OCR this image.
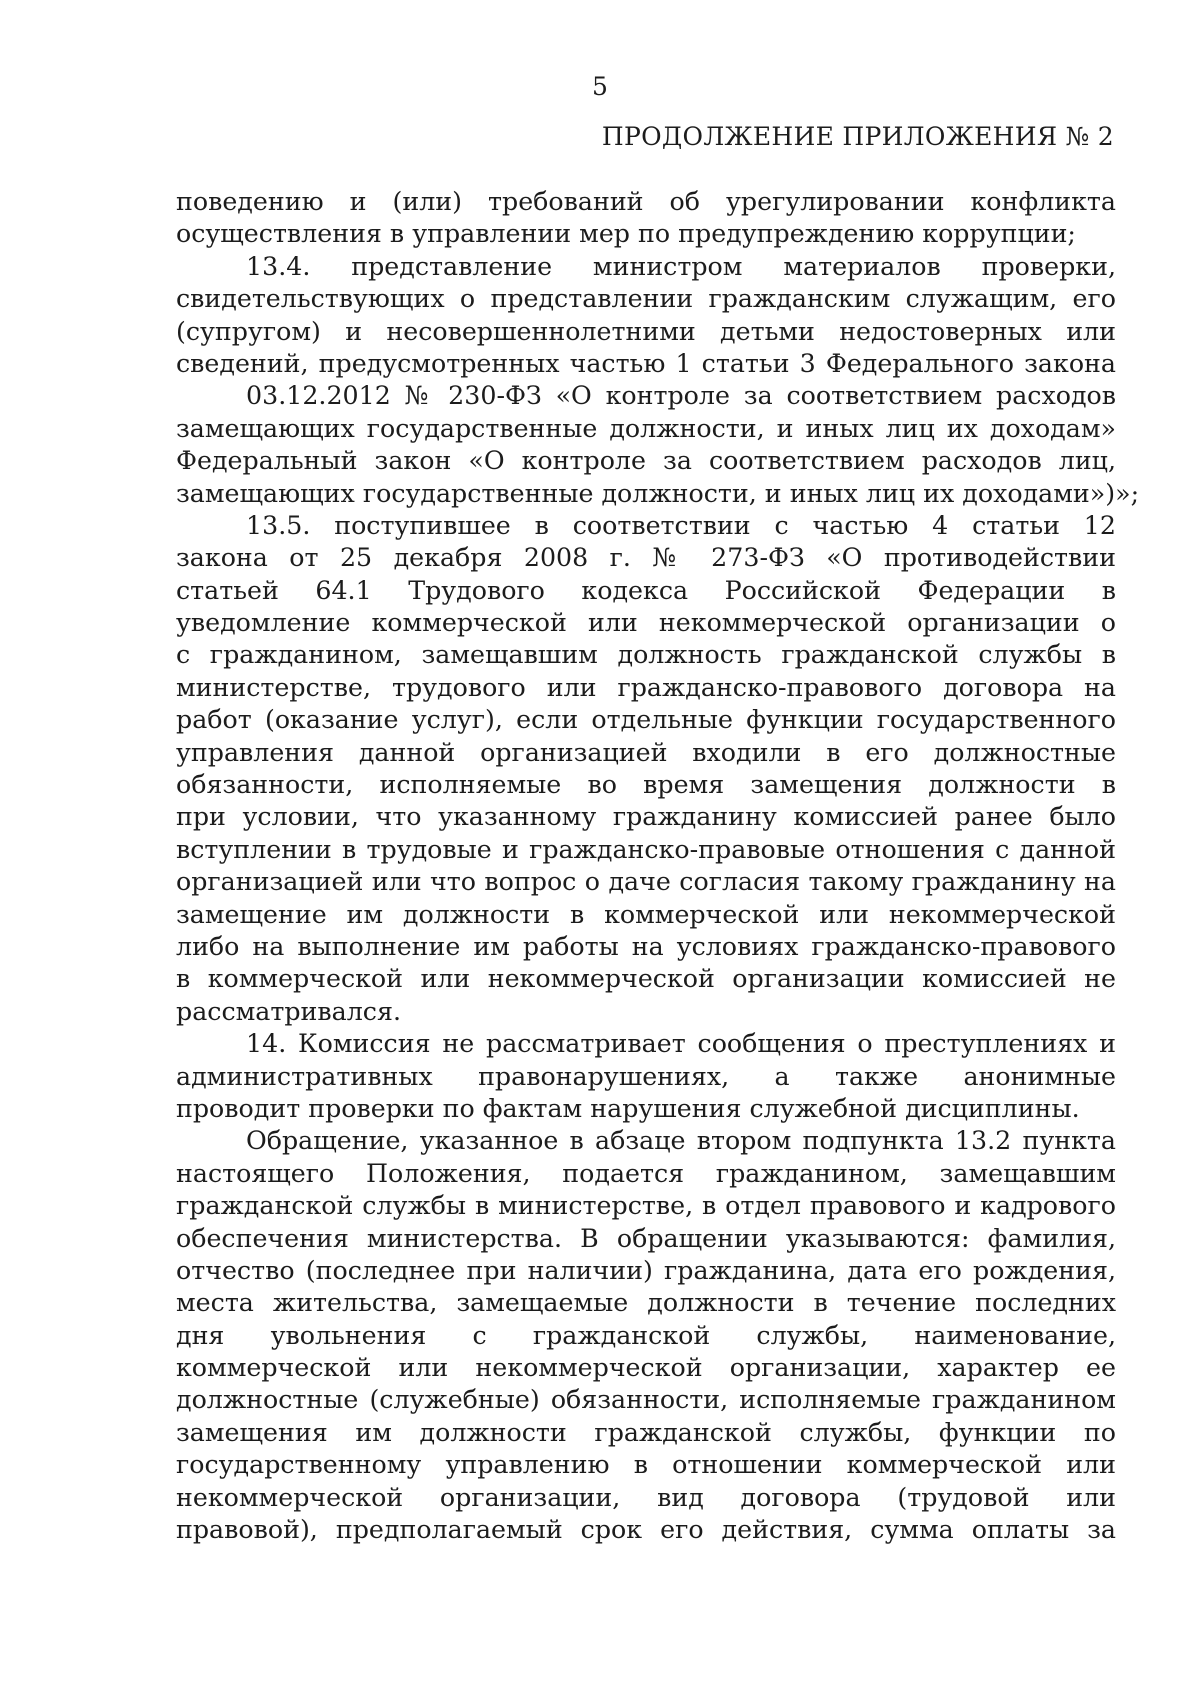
5
ПРОДОЛЖЕНИЕ ПРИЛОЖЕНИЯ № 2
поведению и (или) требований об урегулировании конфликта
осуществления в управлении мер по предупреждению коррупции;
13.4. представление министром материалов проверки,
свидетельствующих о представлении гражданским служащим, его
(супругом) и несовершеннолетними детьми недостоверных или
сведений, предусмотренных частью 1 статьи 3 Федерального закона
03.12.2012 № 230-ФЗ «О контроле за соответствием расходов
замещающих государственные должности, и иных лиц их доходам»
Федеральный закон «О контроле за соответствием расходов лиц,
замещающих государственные должности, и иных лиц их доходами»)»;
13.5. поступившее в соответствии с частью 4 статьи 12
закона от 25 декабря 2008 г. № 273-ФЗ «О противодействии
статьей 64.1 Трудового кодекса Российской Федерации в
уведомление коммерческой или некоммерческой организации о
с гражданином, замещавшим должность гражданской службы в
министерстве, трудового или гражданско-правового договора на
работ (оказание услуг), если отдельные функции государственного
управления данной организацией входили в его должностные
обязанности, исполняемые во время замещения должности в
при условии, что указанному гражданину комиссией ранее было
вступлении в трудовые и гражданско-правовые отношения с данной
организацией или что вопрос о даче согласия такому гражданину на
замещение им должности в коммерческой или некоммерческой
либо на выполнение им работы на условиях гражданско-правового
в коммерческой или некоммерческой организации комиссией не
рассматривался.
14. Комиссия не рассматривает сообщения о преступлениях и
административных правонарушениях, а также анонимные
проводит проверки по фактам нарушения служебной дисциплины.
Обращение, указанное в абзаце втором подпункта 13.2 пункта
настоящего Положения, подается гражданином, замещавшим
гражданской службы в министерстве, в отдел правового и кадрового
обеспечения министерства. В обращении указываются: фамилия,
отчество (последнее при наличии) гражданина, дата его рождения,
места жительства, замещаемые должности в течение последних
дня увольнения с гражданской службы, наименование,
коммерческой или некоммерческой организации, характер ее
должностные (служебные) обязанности, исполняемые гражданином
замещения им должности гражданской службы, функции по
государственному управлению в отношении коммерческой или
некоммерческой организации, вид договора (трудовой или
правовой), предполагаемый срок его действия, сумма оплаты за
